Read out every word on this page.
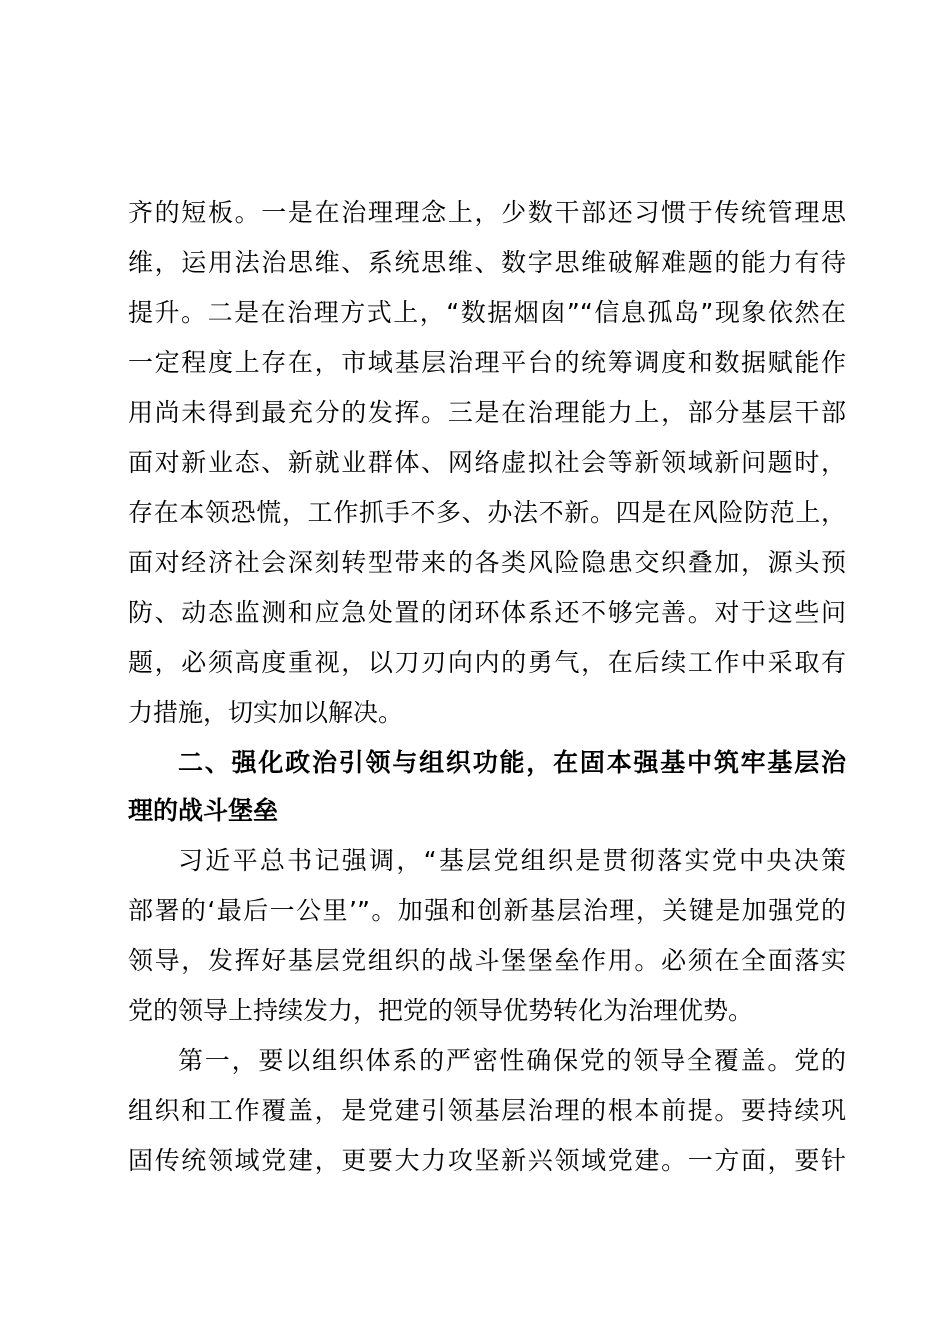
齐的短板。一是在治理理念上，少数干部还习惯于传统管理思
维，运用法治思维、系统思维、数字思维破解难题的能力有待
提升。二是在治理方式上，“数据烟囱”“信息孤岛”现象依然在
一定程度上存在，市域基层治理平台的统筹调度和数据赋能作
用尚未得到最充分的发挥。三是在治理能力上，部分基层干部
面对新业态、新就业群体、网络虚拟社会等新领域新问题时，
存在本领恐慌，工作抓手不多、办法不新。四是在风险防范上，
面对经济社会深刻转型带来的各类风险隐患交织叠加，源头预
防、动态监测和应急处置的闭环体系还不够完善。对于这些问
题，必须高度重视，以刀刃向内的勇气，在后续工作中采取有
力措施，切实加以解决。
二、强化政治引领与组织功能，在固本强基中筑牢基层治
理的战斗堡垒
习近平总书记强调，“基层党组织是贯彻落实党中央决策
部署的‘最后一公里’”。加强和创新基层治理，关键是加强党的
领导，发挥好基层党组织的战斗堡堡垒作用。必须在全面落实
党的领导上持续发力，把党的领导优势转化为治理优势。
第一，要以组织体系的严密性确保党的领导全覆盖。党的
组织和工作覆盖，是党建引领基层治理的根本前提。要持续巩
固传统领域党建，更要大力攻坚新兴领域党建。一方面，要针
